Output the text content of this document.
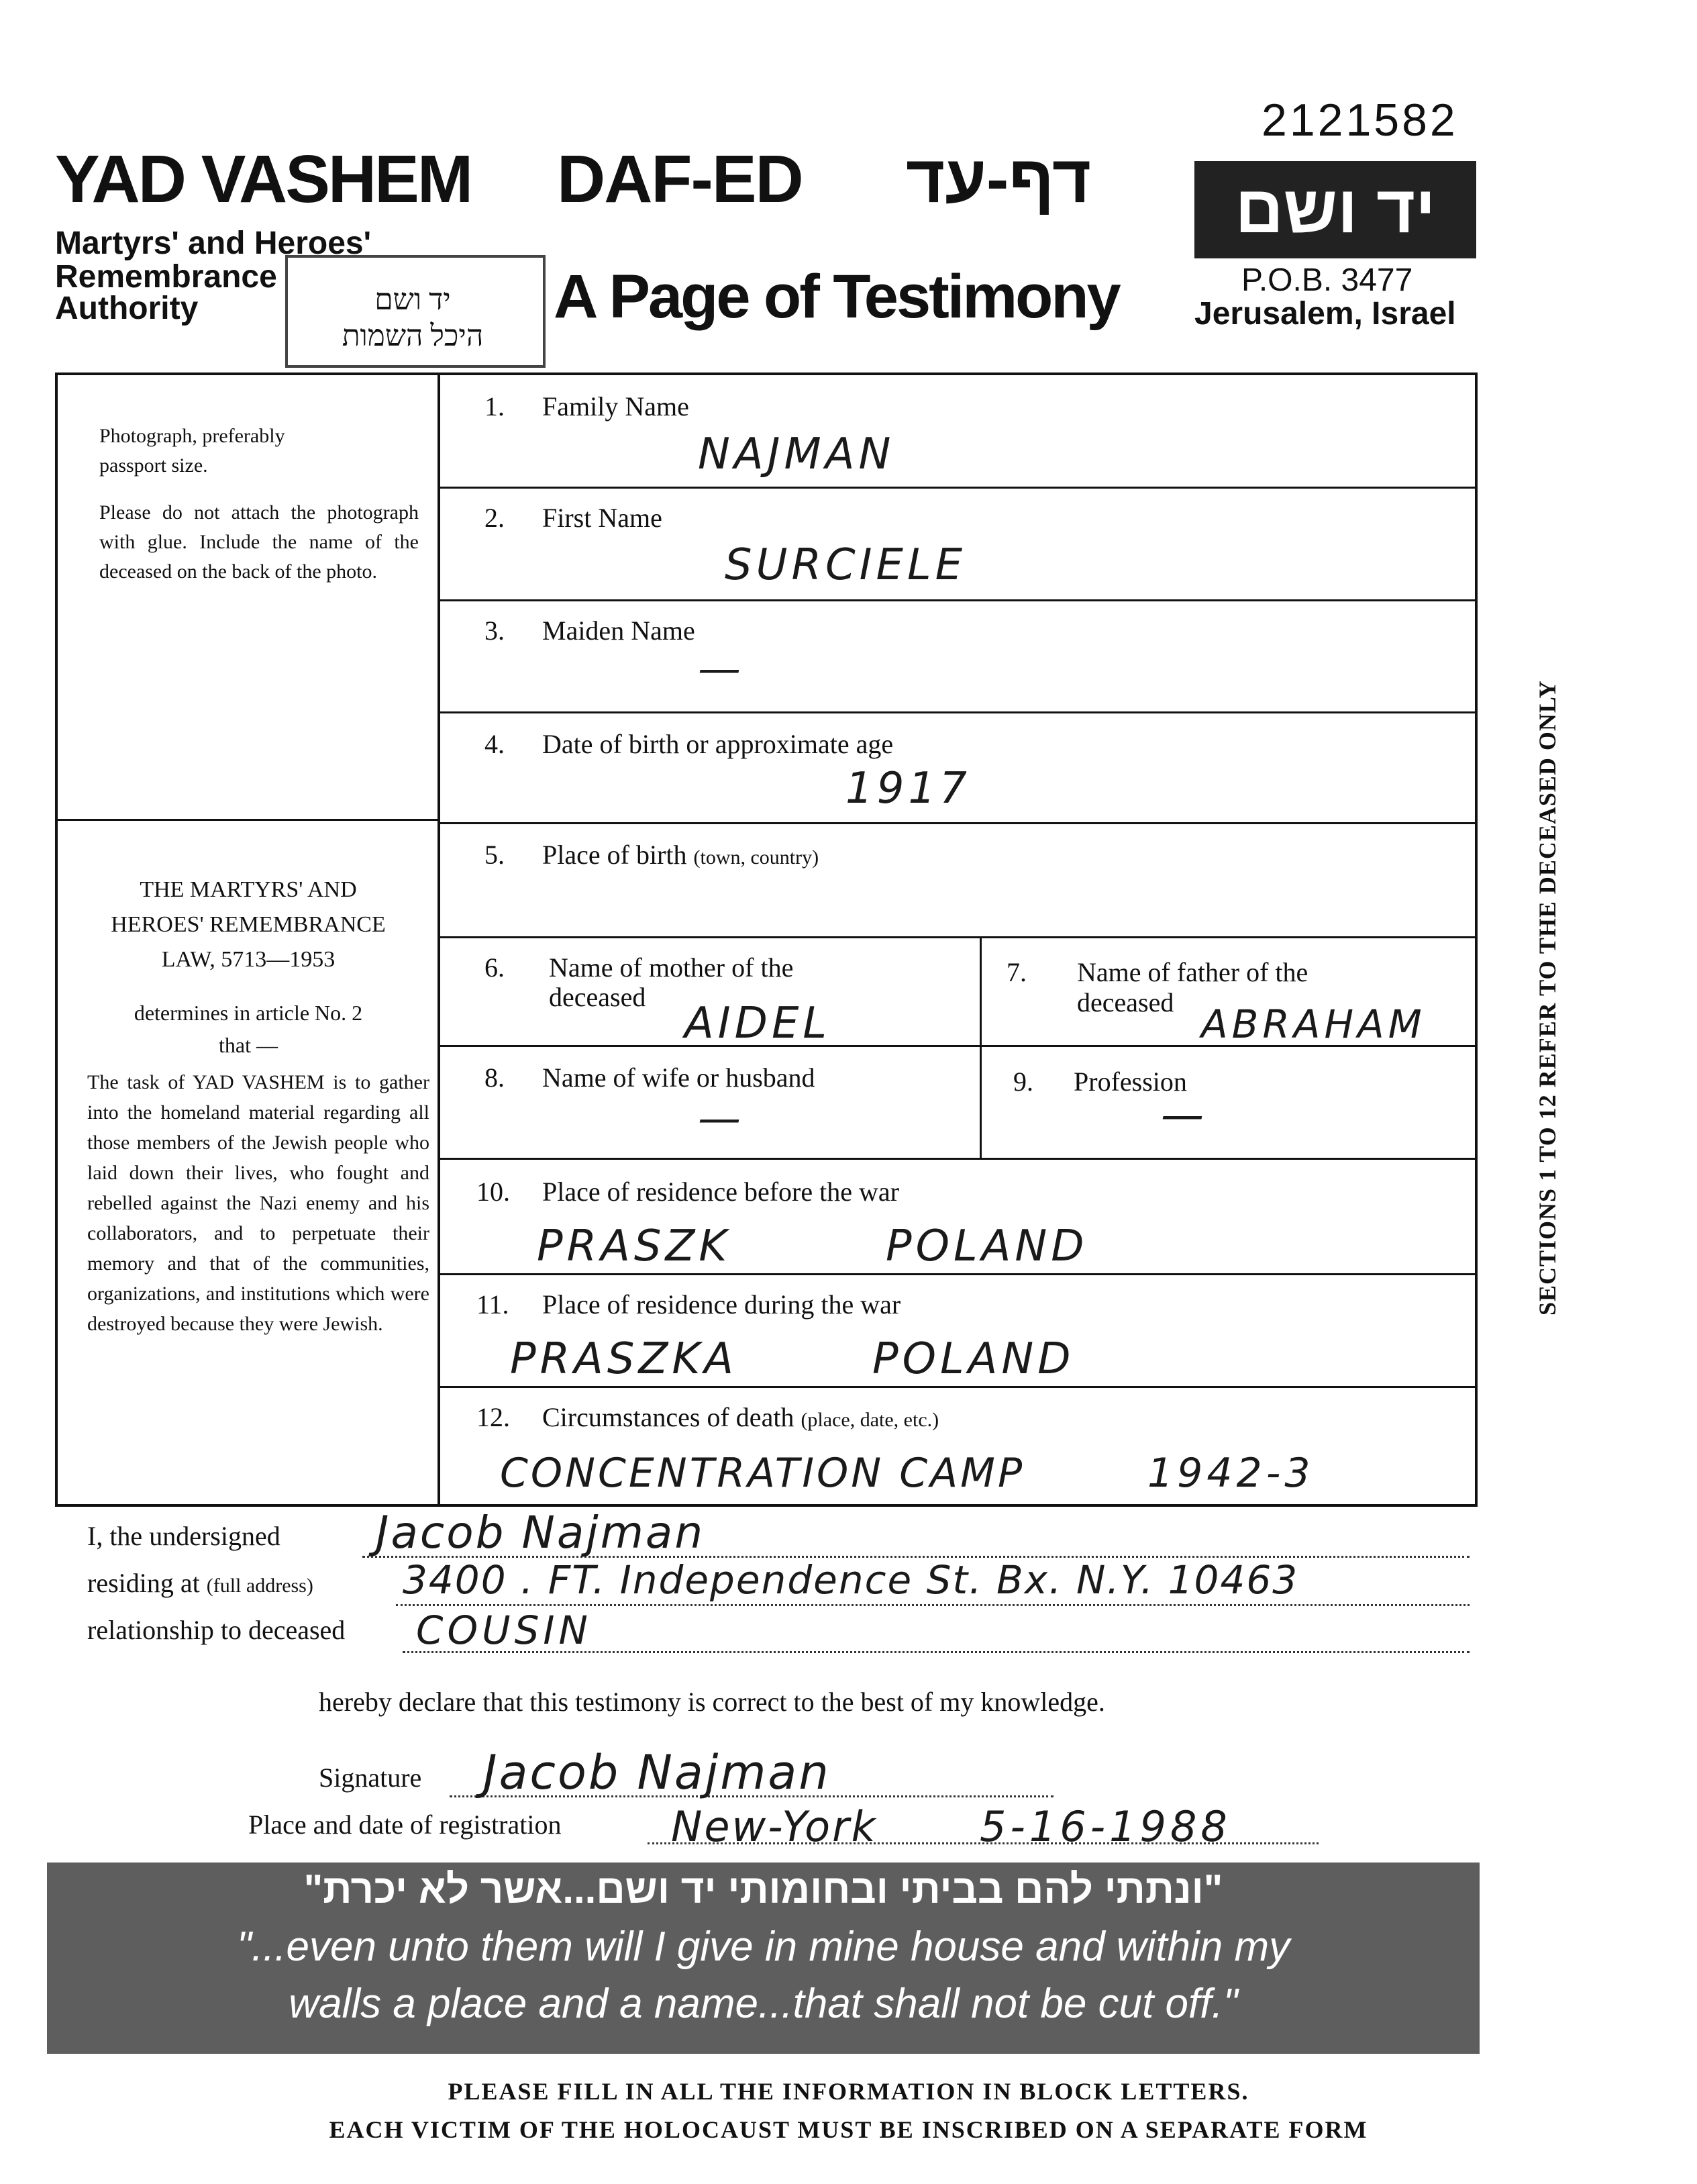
2121582
YAD VASHEM DAF-ED דף-עד
Martyrs' and Heroes'
Remembrance
Authority	יד ושם
היכל השמות
A Page of Testimony
יד ושם
P.O.B. 3477
Jerusalem, Israel
Photograph, preferably
passport size.
Please do not attach the photograph with glue. Include the name of the deceased on the back of the photo.
THE MARTYRS' AND
HEROES' REMEMBRANCE
LAW, 5713—1953
determines in article No. 2
that —
The task of YAD VASHEM is to gather into the homeland material regarding all those members of the Jewish people who laid down their lives, who fought and rebelled against the Nazi enemy and his collaborators, and to perpetuate their memory and that of the communities, organizations, and institutions which were destroyed because they were Jewish.
1. Family Name
NAJMAN
2. First Name
SURCIELE
3. Maiden Name
—
4. Date of birth or approximate age
1917
5. Place of birth (town, country)
6. Name of mother of the
deceased
AIDEL
7. Name of father of the
deceased ABRAHAM
8. Name of wife or husband
—
9. Profession
—
10. Place of residence before the war
PRASZK	POLAND
11. Place of residence during the war
PRASZKA	POLAND
12. Circumstances of death (place, date, etc.)
CONCENTRATION CAMP	1942-3
I, the undersigned Jacob Najman
residing at (full address) 3400 . FT. Independence St. Bx. N.Y. 10463
relationship to deceased COUSIN
hereby declare that this testimony is correct to the best of my knowledge.
Signature Jacob Najman
Place and date of registration	New-York 5-16-1988
"ונתתי להם בביתי ובחומותי יד ושם...אשר לא יכרת"
"...even unto them will I give in mine house and within my
walls a place and a name...that shall not be cut off."
PLEASE FILL IN ALL THE INFORMATION IN BLOCK LETTERS.
EACH VICTIM OF THE HOLOCAUST MUST BE INSCRIBED ON A SEPARATE FORM
SECTIONS 1 TO 12 REFER TO THE DECEASED ONLY
